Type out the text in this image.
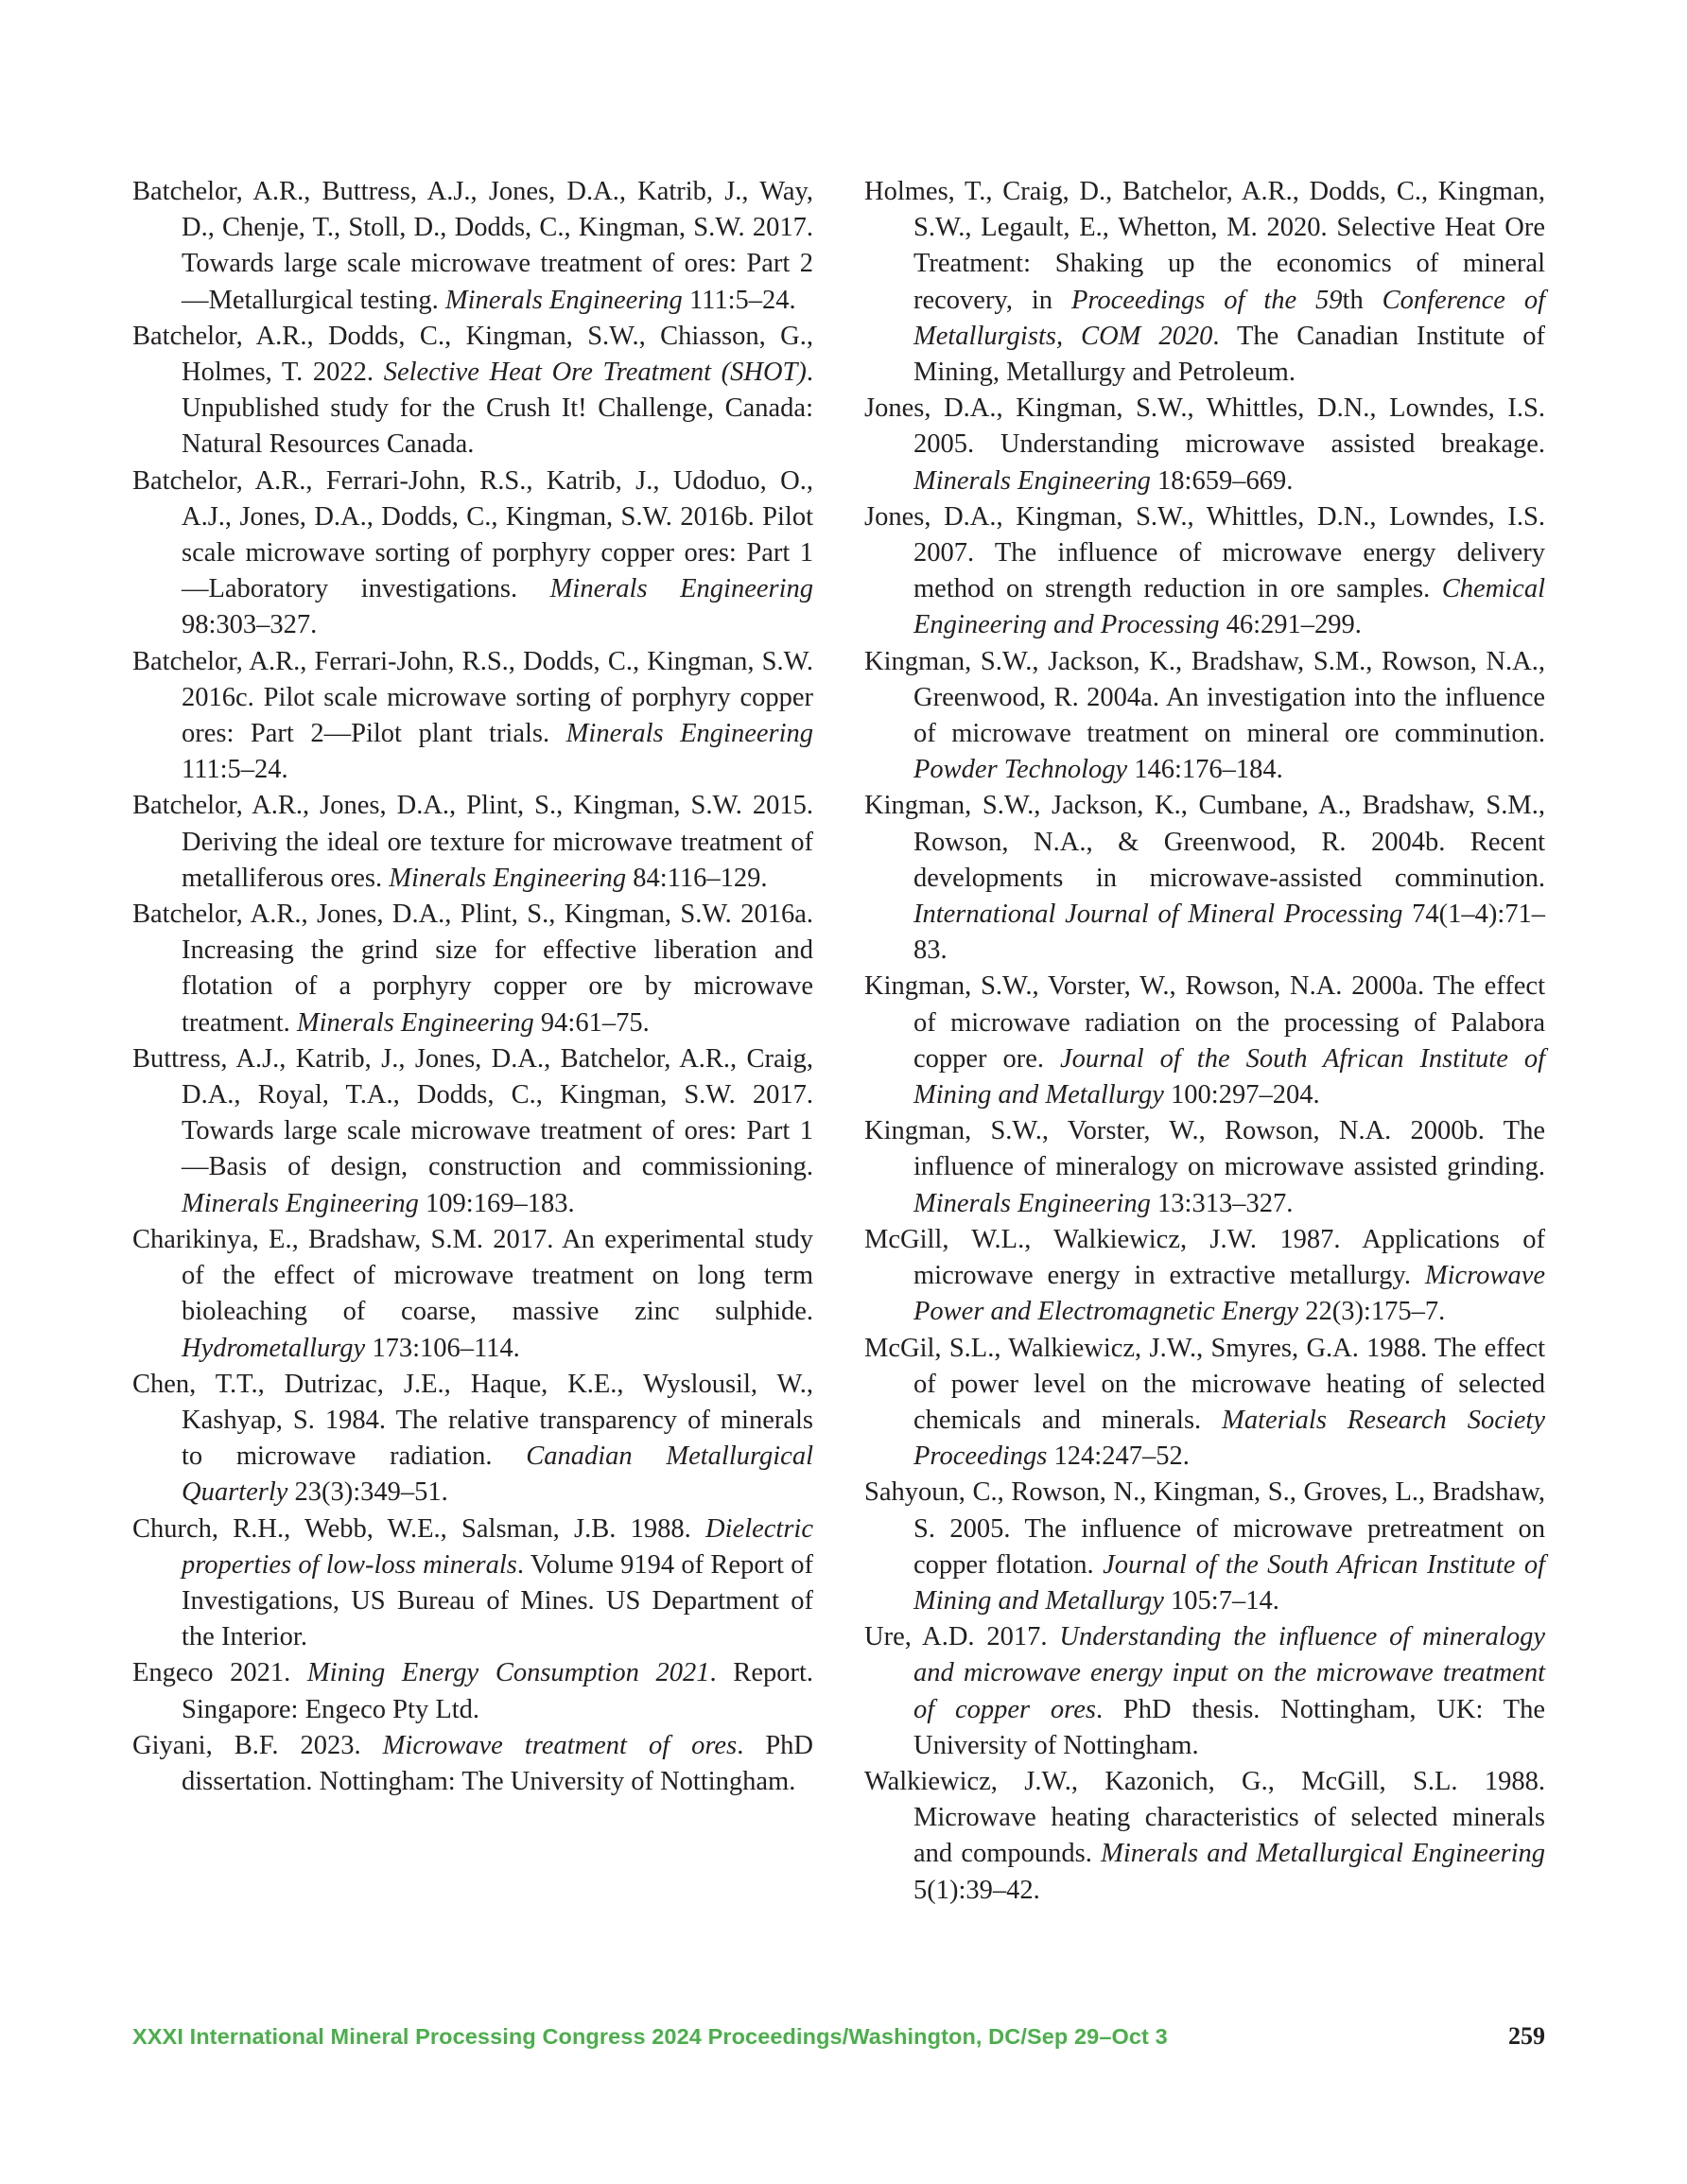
Batchelor, A.R., Buttress, A.J., Jones, D.A., Katrib, J., Way, D., Chenje, T., Stoll, D., Dodds, C., Kingman, S.W. 2017. Towards large scale microwave treatment of ores: Part 2—Metallurgical testing. Minerals Engineering 111:5–24.

Batchelor, A.R., Dodds, C., Kingman, S.W., Chiasson, G., Holmes, T. 2022. Selective Heat Ore Treatment (SHOT). Unpublished study for the Crush It! Challenge, Canada: Natural Resources Canada.

Batchelor, A.R., Ferrari-John, R.S., Katrib, J., Udoduo, O., A.J., Jones, D.A., Dodds, C., Kingman, S.W. 2016b. Pilot scale microwave sorting of porphyry copper ores: Part 1—Laboratory investigations. Minerals Engineering 98:303–327.

Batchelor, A.R., Ferrari-John, R.S., Dodds, C., Kingman, S.W. 2016c. Pilot scale microwave sorting of porphyry copper ores: Part 2—Pilot plant trials. Minerals Engineering 111:5–24.

Batchelor, A.R., Jones, D.A., Plint, S., Kingman, S.W. 2015. Deriving the ideal ore texture for microwave treatment of metalliferous ores. Minerals Engineering 84:116–129.

Batchelor, A.R., Jones, D.A., Plint, S., Kingman, S.W. 2016a. Increasing the grind size for effective liberation and flotation of a porphyry copper ore by microwave treatment. Minerals Engineering 94:61–75.

Buttress, A.J., Katrib, J., Jones, D.A., Batchelor, A.R., Craig, D.A., Royal, T.A., Dodds, C., Kingman, S.W. 2017. Towards large scale microwave treatment of ores: Part 1—Basis of design, construction and commissioning. Minerals Engineering 109:169–183.

Charikinya, E., Bradshaw, S.M. 2017. An experimental study of the effect of microwave treatment on long term bioleaching of coarse, massive zinc sulphide. Hydrometallurgy 173:106–114.

Chen, T.T., Dutrizac, J.E., Haque, K.E., Wyslousil, W., Kashyap, S. 1984. The relative transparency of minerals to microwave radiation. Canadian Metallurgical Quarterly 23(3):349–51.

Church, R.H., Webb, W.E., Salsman, J.B. 1988. Dielectric properties of low-loss minerals. Volume 9194 of Report of Investigations, US Bureau of Mines. US Department of the Interior.

Engeco 2021. Mining Energy Consumption 2021. Report. Singapore: Engeco Pty Ltd.

Giyani, B.F. 2023. Microwave treatment of ores. PhD dissertation. Nottingham: The University of Nottingham.

Holmes, T., Craig, D., Batchelor, A.R., Dodds, C., Kingman, S.W., Legault, E., Whetton, M. 2020. Selective Heat Ore Treatment: Shaking up the economics of mineral recovery, in Proceedings of the 59th Conference of Metallurgists, COM 2020. The Canadian Institute of Mining, Metallurgy and Petroleum.

Jones, D.A., Kingman, S.W., Whittles, D.N., Lowndes, I.S. 2005. Understanding microwave assisted breakage. Minerals Engineering 18:659–669.

Jones, D.A., Kingman, S.W., Whittles, D.N., Lowndes, I.S. 2007. The influence of microwave energy delivery method on strength reduction in ore samples. Chemical Engineering and Processing 46:291–299.

Kingman, S.W., Jackson, K., Bradshaw, S.M., Rowson, N.A., Greenwood, R. 2004a. An investigation into the influence of microwave treatment on mineral ore comminution. Powder Technology 146:176–184.

Kingman, S.W., Jackson, K., Cumbane, A., Bradshaw, S.M., Rowson, N.A., & Greenwood, R. 2004b. Recent developments in microwave-assisted comminution. International Journal of Mineral Processing 74(1–4):71–83.

Kingman, S.W., Vorster, W., Rowson, N.A. 2000a. The effect of microwave radiation on the processing of Palabora copper ore. Journal of the South African Institute of Mining and Metallurgy 100:297–204.

Kingman, S.W., Vorster, W., Rowson, N.A. 2000b. The influence of mineralogy on microwave assisted grinding. Minerals Engineering 13:313–327.

McGill, W.L., Walkiewicz, J.W. 1987. Applications of microwave energy in extractive metallurgy. Microwave Power and Electromagnetic Energy 22(3):175–7.

McGil, S.L., Walkiewicz, J.W., Smyres, G.A. 1988. The effect of power level on the microwave heating of selected chemicals and minerals. Materials Research Society Proceedings 124:247–52.

Sahyoun, C., Rowson, N., Kingman, S., Groves, L., Bradshaw, S. 2005. The influence of microwave pretreatment on copper flotation. Journal of the South African Institute of Mining and Metallurgy 105:7–14.

Ure, A.D. 2017. Understanding the influence of mineralogy and microwave energy input on the microwave treatment of copper ores. PhD thesis. Nottingham, UK: The University of Nottingham.

Walkiewicz, J.W., Kazonich, G., McGill, S.L. 1988. Microwave heating characteristics of selected minerals and compounds. Minerals and Metallurgical Engineering 5(1):39–42.

XXXI International Mineral Processing Congress 2024 Proceedings/Washington, DC/Sep 29–Oct 3	259
